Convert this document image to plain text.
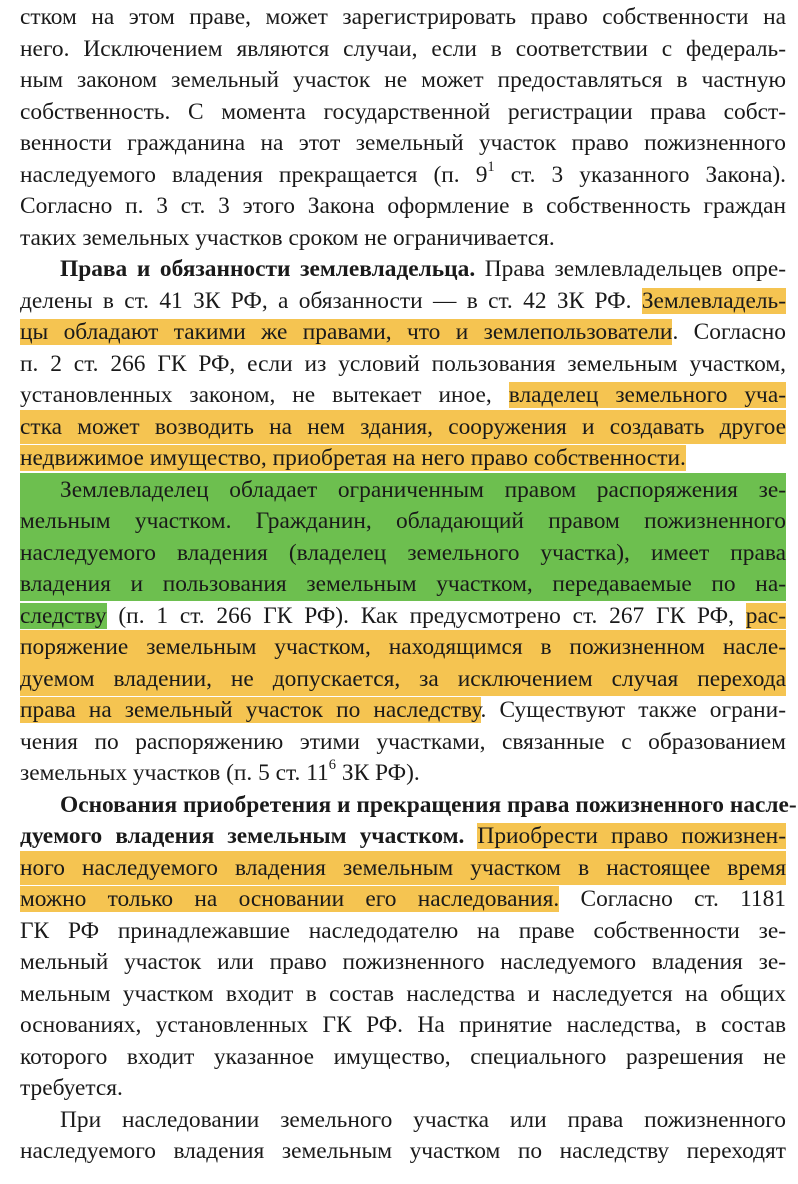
стком на этом праве, может зарегистрировать право собственности на
него. Исключением являются случаи, если в соответствии с федераль-
ным законом земельный участок не может предоставляться в частную
собственность. С момента государственной регистрации права собст-
венности гражданина на этот земельный участок право пожизненного
наследуемого владения прекращается (п. $9^1$ ст. 3 указанного Закона).
Согласно п. 3 ст. 3 этого Закона оформление в собственность граждан
таких земельных участков сроком не ограничивается.
Права и обязанности землевладельца. Права землевладельцев опре-
делены в ст. 41 ЗК РФ, а обязанности — в ст. 42 ЗК РФ. Землевладель-
цы обладают такими же правами, что и землепользователи. Согласно
п. 2 ст. 266 ГК РФ, если из условий пользования земельным участком,
установленных законом, не вытекает иное, владелец земельного уча-
стка может возводить на нем здания, сооружения и создавать другое
недвижимое имущество, приобретая на него право собственности.
Землевладелец обладает ограниченным правом распоряжения зе-
мельным участком. Гражданин, обладающий правом пожизненного
наследуемого владения (владелец земельного участка), имеет права
владения и пользования земельным участком, передаваемые по на-
следству (п. 1 ст. 266 ГК РФ). Как предусмотрено ст. 267 ГК РФ, рас-
поряжение земельным участком, находящимся в пожизненном насле-
дуемом владении, не допускается, за исключением случая перехода
права на земельный участок по наследству. Существуют также ограни-
чения по распоряжению этими участками, связанные с образованием
земельных участков (п. 5 ст. $11^6$ ЗК РФ).
Основания приобретения и прекращения права пожизненного насле-
дуемого владения земельным участком. Приобрести право пожизнен-
ного наследуемого владения земельным участком в настоящее время
можно только на основании его наследования. Согласно ст. 1181
ГК РФ принадлежавшие наследодателю на праве собственности зе-
мельный участок или право пожизненного наследуемого владения зе-
мельным участком входит в состав наследства и наследуется на общих
основаниях, установленных ГК РФ. На принятие наследства, в состав
которого входит указанное имущество, специального разрешения не
требуется.
При наследовании земельного участка или права пожизненного
наследуемого владения земельным участком по наследству переходят
